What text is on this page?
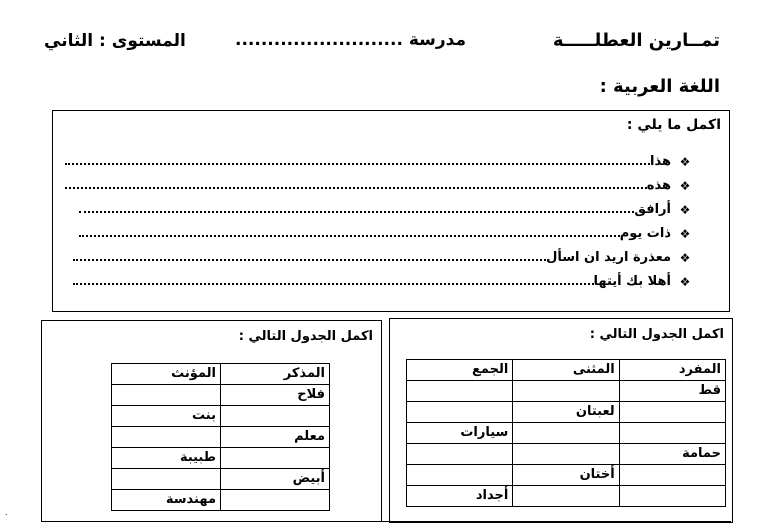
تمــارين العطلـــــة
مدرسة ..........................
المستوى : الثاني
اللغة العربية :
اكمل ما يلي :
❖
هذا
❖
هذه
❖
أرافق
❖
ذات يوم
❖
معذرة اريد ان اسأل
❖
أهلا بك أيتها
اكمل الجدول التالي :
المذكر	المؤنث
فلاح	
	بنت
معلم	
	طبيبة
أبيض	
	مهندسة
اكمل الجدول التالي :
المفرد	المثنى	الجمع
قط		
	لعبتان	
		سيارات
حمامة		
	أختان	
		أجداد
.
